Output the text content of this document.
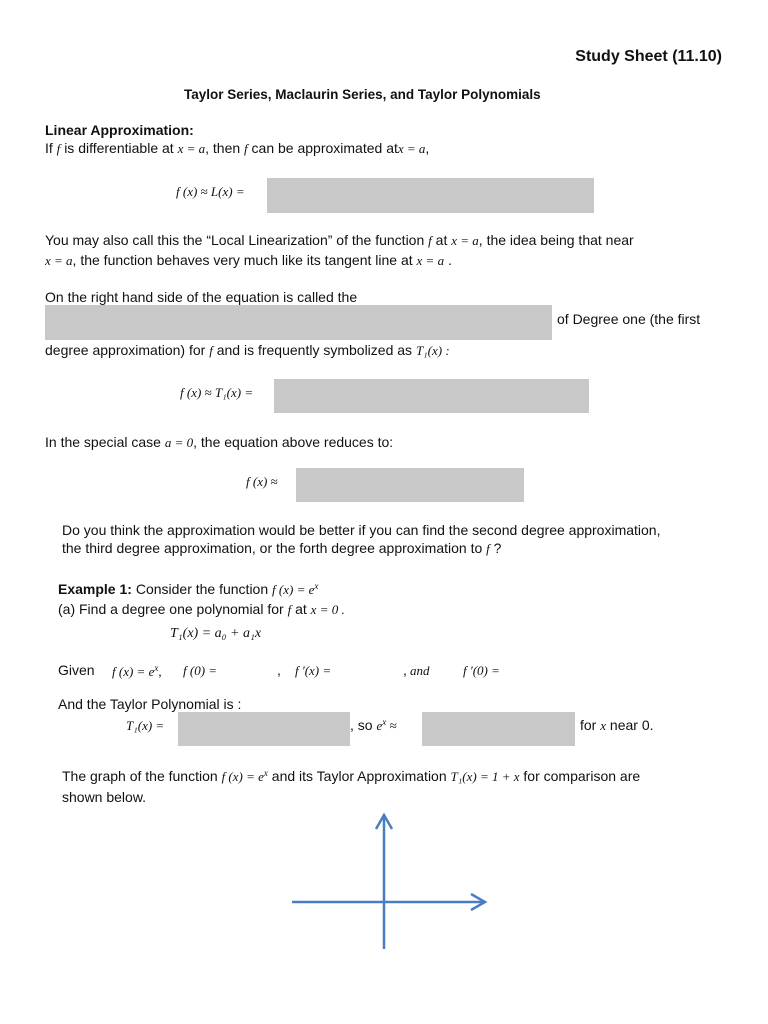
Study Sheet (11.10)
Taylor Series, Maclaurin Series, and Taylor Polynomials
Linear Approximation:
If f is differentiable at x = a, then f can be approximated atx = a,
f (x) ≈ L(x) =
You may also call this the “Local Linearization” of the function f at x = a, the idea being that near
x = a, the function behaves very much like its tangent line at x = a .
On the right hand side of the equation is called the
of Degree one (the first
degree approximation) for f and is frequently symbolized as T₁(x) :
f (x) ≈ T₁(x) =
In the special case a = 0, the equation above reduces to:
f (x) ≈
Do you think the approximation would be better if you can find the second degree approximation,
the third degree approximation, or the forth degree approximation to f ?
Example 1: Consider the function f $(x) = e^x$
(a) Find a degree one polynomial for f at x = 0 .
T₁(x) = a₀ + a₁x
Given f $(x) = e^x$, f (0) =	, f ′(x) =	, and	f ′(0) =
And the Taylor Polynomial is :
T₁(x) =	, so $e^x$ ≈	for x near 0.
The graph of the function f $(x) = e^x$ and its Taylor Approximation T₁(x) = 1 + x for comparison are
shown below.
